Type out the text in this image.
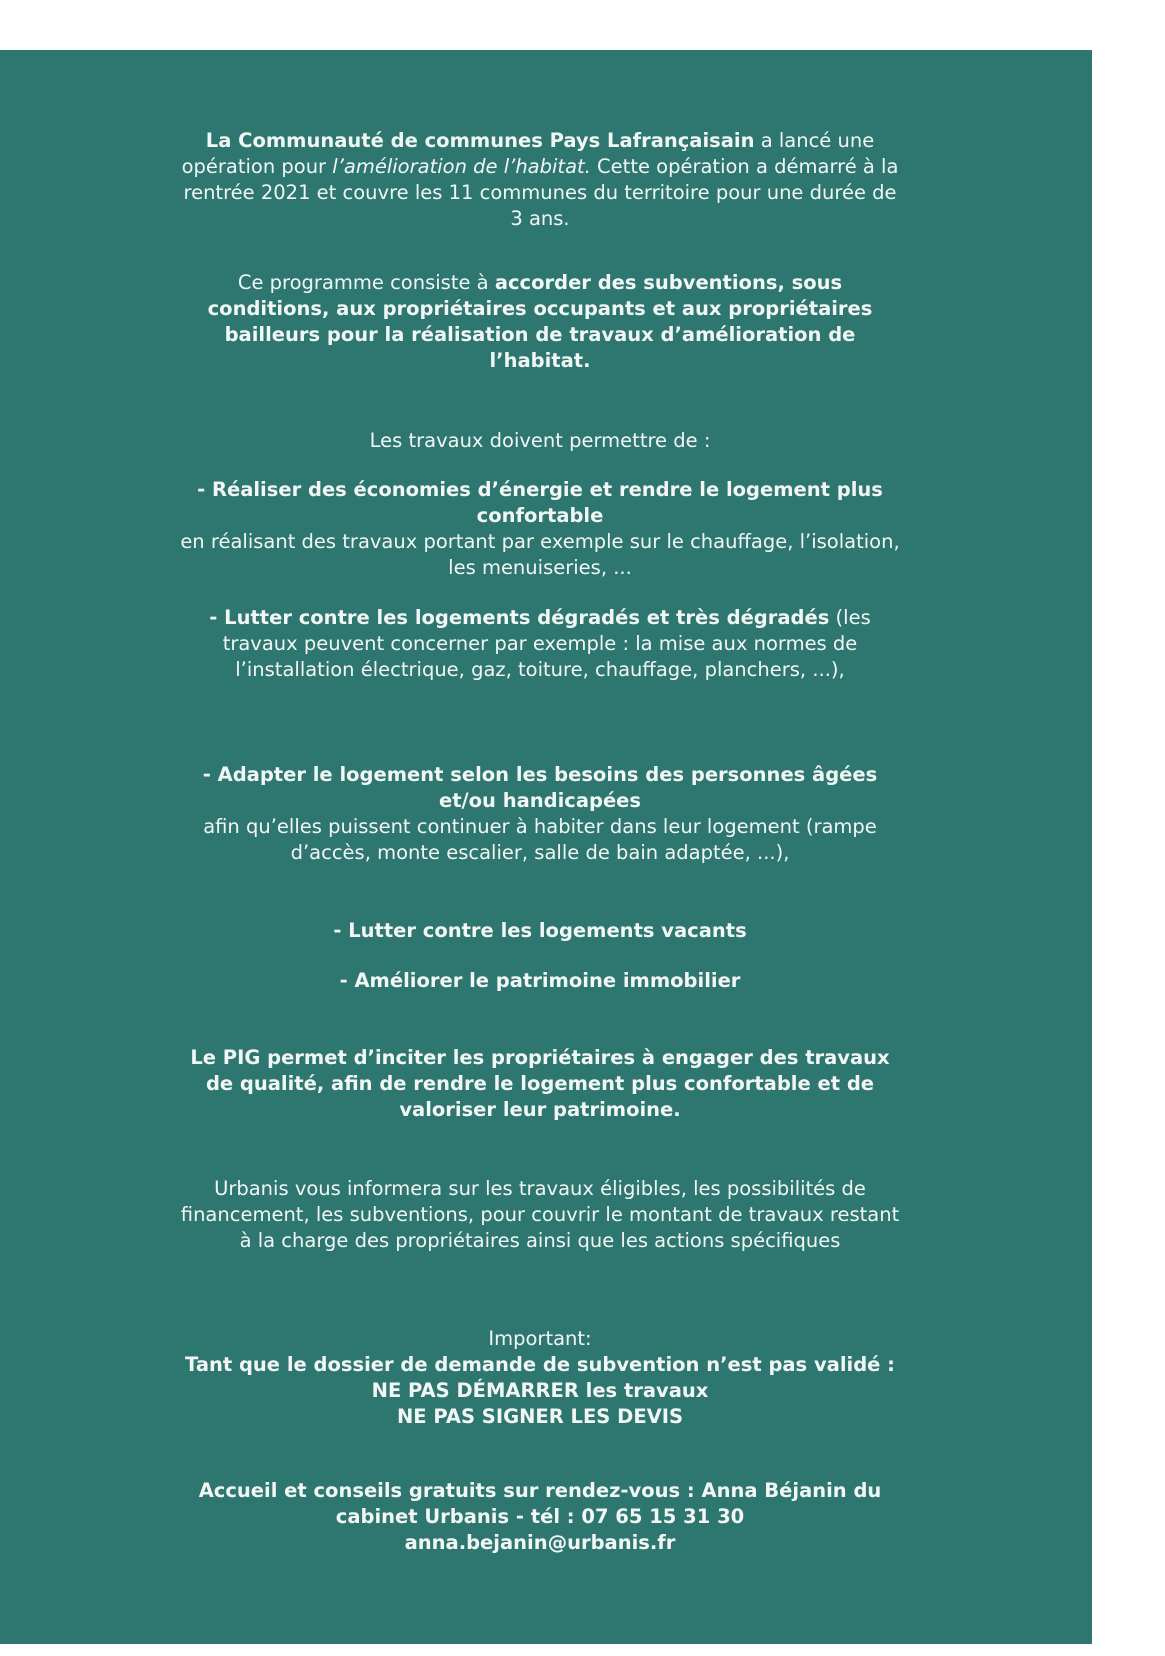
La Communauté de communes Pays Lafrançaisain a lancé une opération pour l’amélioration de l’habitat. Cette opération a démarré à la rentrée 2021 et couvre les 11 communes du territoire pour une durée de 3 ans.
Ce programme consiste à accorder des subventions, sous conditions, aux propriétaires occupants et aux propriétaires bailleurs pour la réalisation de travaux d’amélioration de l’habitat.
Les travaux doivent permettre de :
- Réaliser des économies d’énergie et rendre le logement plus confortable
en réalisant des travaux portant par exemple sur le chauffage, l’isolation, les menuiseries, ...
- Lutter contre les logements dégradés et très dégradés (les travaux peuvent concerner par exemple : la mise aux normes de l’installation électrique, gaz, toiture, chauffage, planchers, ...),
- Adapter le logement selon les besoins des personnes âgées et/ou handicapées
afin qu’elles puissent continuer à habiter dans leur logement (rampe d’accès, monte escalier, salle de bain adaptée, ...),
- Lutter contre les logements vacants
- Améliorer le patrimoine immobilier
Le PIG permet d’inciter les propriétaires à engager des travaux de qualité, afin de rendre le logement plus confortable et de valoriser leur patrimoine.
Urbanis vous informera sur les travaux éligibles, les possibilités de financement, les subventions, pour couvrir le montant de travaux restant à la charge des propriétaires ainsi que les actions spécifiques
Important:
Tant que le dossier de demande de subvention n’est pas validé :
NE PAS DÉMARRER les travaux
NE PAS SIGNER LES DEVIS
Accueil et conseils gratuits sur rendez-vous : Anna Béjanin du cabinet Urbanis - tél : 07 65 15 31 30
anna.bejanin@urbanis.fr
